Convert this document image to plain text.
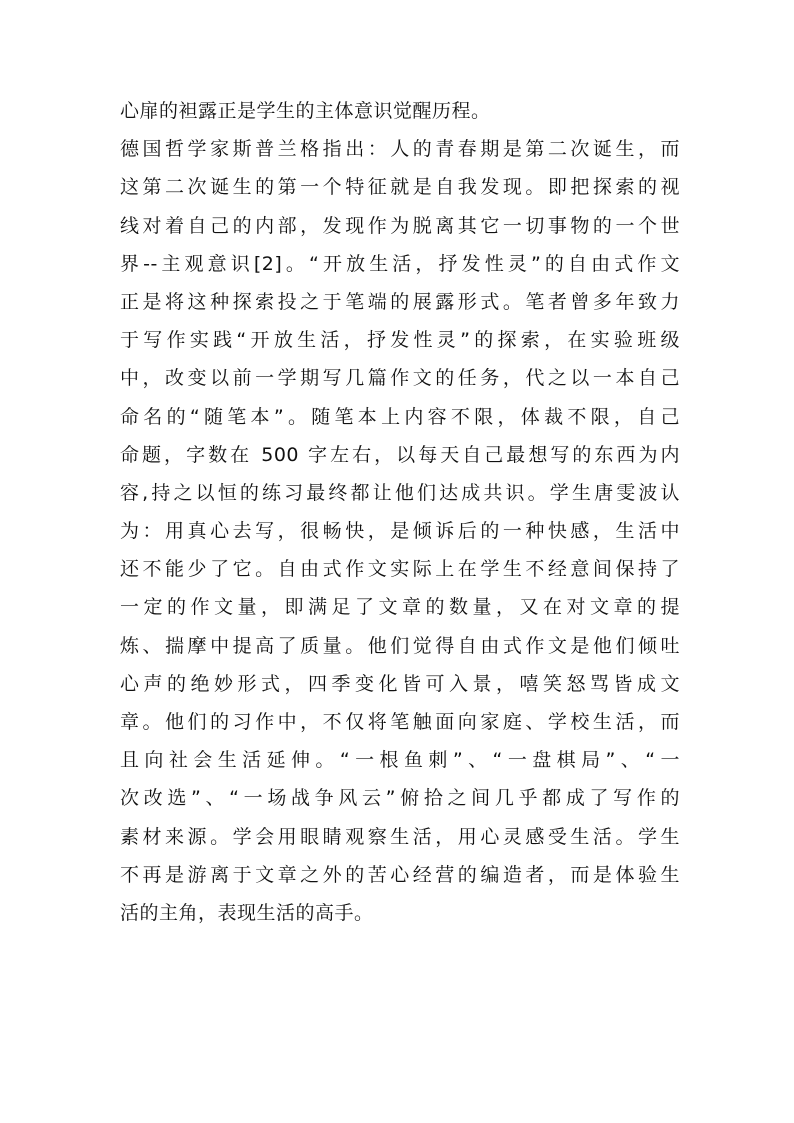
心扉的袒露正是学生的主体意识觉醒历程。
德国哲学家斯普兰格指出：人的青春期是第二次诞生，而
这第二次诞生的第一个特征就是自我发现。即把探索的视
线对着自己的内部，发现作为脱离其它一切事物的一个世
界--主观意识[2]。“开放生活，抒发性灵”的自由式作文
正是将这种探索投之于笔端的展露形式。笔者曾多年致力
于写作实践“开放生活，抒发性灵”的探索，在实验班级
中，改变以前一学期写几篇作文的任务，代之以一本自己
命名的“随笔本”。随笔本上内容不限，体裁不限，自己
命题，字数在 500 字左右，以每天自己最想写的东西为内
容,持之以恒的练习最终都让他们达成共识。学生唐雯波认
为：用真心去写，很畅快，是倾诉后的一种快感，生活中
还不能少了它。自由式作文实际上在学生不经意间保持了
一定的作文量，即满足了文章的数量，又在对文章的提
炼、揣摩中提高了质量。他们觉得自由式作文是他们倾吐
心声的绝妙形式，四季变化皆可入景，嘻笑怒骂皆成文
章。他们的习作中，不仅将笔触面向家庭、学校生活，而
且向社会生活延伸。“一根鱼刺”、“一盘棋局”、“一
次改选”、“一场战争风云”俯拾之间几乎都成了写作的
素材来源。学会用眼睛观察生活，用心灵感受生活。学生
不再是游离于文章之外的苦心经营的编造者，而是体验生
活的主角，表现生活的高手。
